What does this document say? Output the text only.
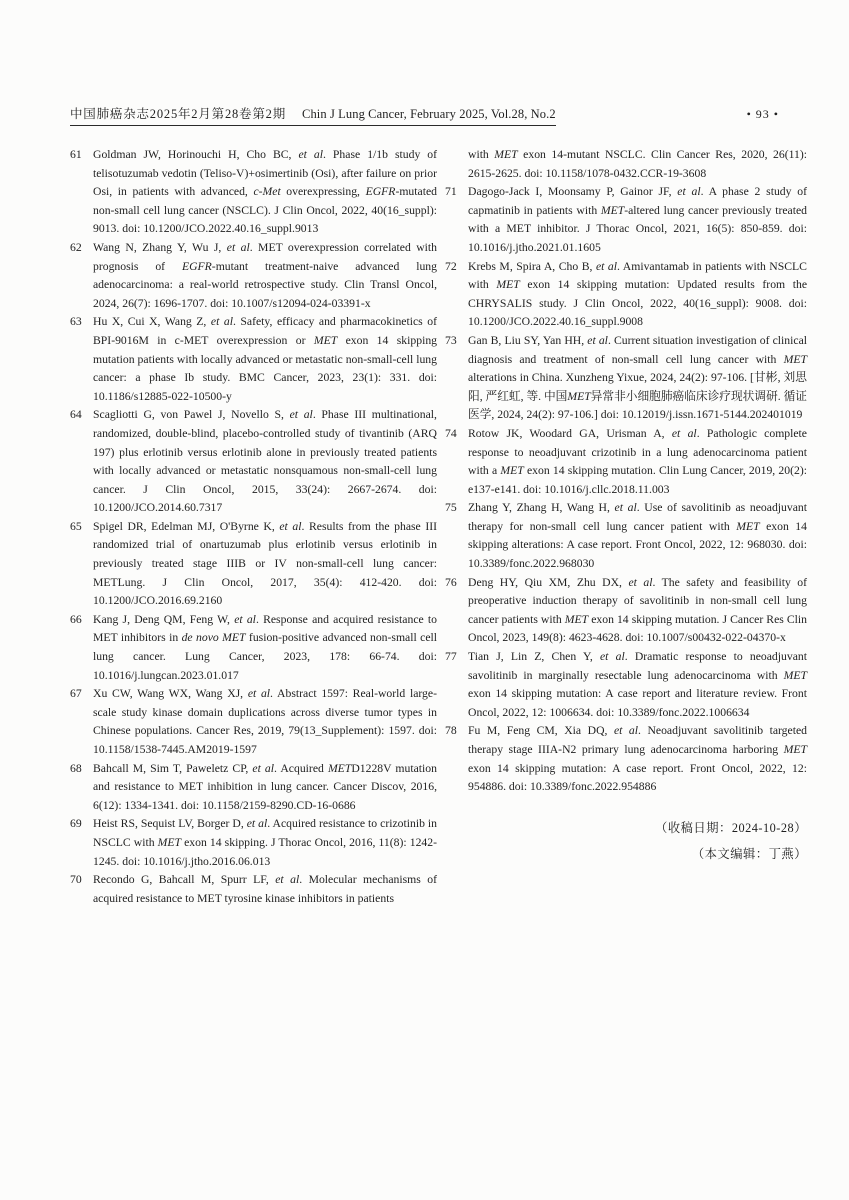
中国肺癌杂志2025年2月第28卷第2期 Chin J Lung Cancer, February 2025, Vol.28, No.2	• 93 •
61 Goldman JW, Horinouchi H, Cho BC, et al. Phase 1/1b study of telisotuzumab vedotin (Teliso-V)+osimertinib (Osi), after failure on prior Osi, in patients with advanced, c-Met overexpressing, EGFR-mutated non-small cell lung cancer (NSCLC). J Clin Oncol, 2022, 40(16_suppl): 9013. doi: 10.1200/JCO.2022.40.16_suppl.9013
62 Wang N, Zhang Y, Wu J, et al. MET overexpression correlated with prognosis of EGFR-mutant treatment-naive advanced lung adenocarcinoma: a real-world retrospective study. Clin Transl Oncol, 2024, 26(7): 1696-1707. doi: 10.1007/s12094-024-03391-x
63 Hu X, Cui X, Wang Z, et al. Safety, efficacy and pharmacokinetics of BPI-9016M in c-MET overexpression or MET exon 14 skipping mutation patients with locally advanced or metastatic non-small-cell lung cancer: a phase Ib study. BMC Cancer, 2023, 23(1): 331. doi: 10.1186/s12885-022-10500-y
64 Scagliotti G, von Pawel J, Novello S, et al. Phase III multinational, randomized, double-blind, placebo-controlled study of tivantinib (ARQ 197) plus erlotinib versus erlotinib alone in previously treated patients with locally advanced or metastatic nonsquamous non-small-cell lung cancer. J Clin Oncol, 2015, 33(24): 2667-2674. doi: 10.1200/JCO.2014.60.7317
65 Spigel DR, Edelman MJ, O'Byrne K, et al. Results from the phase III randomized trial of onartuzumab plus erlotinib versus erlotinib in previously treated stage IIIB or IV non-small-cell lung cancer: METLung. J Clin Oncol, 2017, 35(4): 412-420. doi: 10.1200/JCO.2016.69.2160
66 Kang J, Deng QM, Feng W, et al. Response and acquired resistance to MET inhibitors in de novo MET fusion-positive advanced non-small cell lung cancer. Lung Cancer, 2023, 178: 66-74. doi: 10.1016/j.lungcan.2023.01.017
67 Xu CW, Wang WX, Wang XJ, et al. Abstract 1597: Real-world large-scale study kinase domain duplications across diverse tumor types in Chinese populations. Cancer Res, 2019, 79(13_Supplement): 1597. doi: 10.1158/1538-7445.AM2019-1597
68 Bahcall M, Sim T, Paweletz CP, et al. Acquired METD1228V mutation and resistance to MET inhibition in lung cancer. Cancer Discov, 2016, 6(12): 1334-1341. doi: 10.1158/2159-8290.CD-16-0686
69 Heist RS, Sequist LV, Borger D, et al. Acquired resistance to crizotinib in NSCLC with MET exon 14 skipping. J Thorac Oncol, 2016, 11(8): 1242-1245. doi: 10.1016/j.jtho.2016.06.013
70 Recondo G, Bahcall M, Spurr LF, et al. Molecular mechanisms of acquired resistance to MET tyrosine kinase inhibitors in patients
with MET exon 14-mutant NSCLC. Clin Cancer Res, 2020, 26(11): 2615-2625. doi: 10.1158/1078-0432.CCR-19-3608
71 Dagogo-Jack I, Moonsamy P, Gainor JF, et al. A phase 2 study of capmatinib in patients with MET-altered lung cancer previously treated with a MET inhibitor. J Thorac Oncol, 2021, 16(5): 850-859. doi: 10.1016/j.jtho.2021.01.1605
72 Krebs M, Spira A, Cho B, et al. Amivantamab in patients with NSCLC with MET exon 14 skipping mutation: Updated results from the CHRYSALIS study. J Clin Oncol, 2022, 40(16_suppl): 9008. doi: 10.1200/JCO.2022.40.16_suppl.9008
73 Gan B, Liu SY, Yan HH, et al. Current situation investigation of clinical diagnosis and treatment of non-small cell lung cancer with MET alterations in China. Xunzheng Yixue, 2024, 24(2): 97-106. [甘彬, 刘思阳, 严红虹, 等. 中国MET异常非小细胞肺癌临床诊疗现状调研. 循证医学, 2024, 24(2): 97-106.] doi: 10.12019/j.issn.1671-5144.202401019
74 Rotow JK, Woodard GA, Urisman A, et al. Pathologic complete response to neoadjuvant crizotinib in a lung adenocarcinoma patient with a MET exon 14 skipping mutation. Clin Lung Cancer, 2019, 20(2): e137-e141. doi: 10.1016/j.cllc.2018.11.003
75 Zhang Y, Zhang H, Wang H, et al. Use of savolitinib as neoadjuvant therapy for non-small cell lung cancer patient with MET exon 14 skipping alterations: A case report. Front Oncol, 2022, 12: 968030. doi: 10.3389/fonc.2022.968030
76 Deng HY, Qiu XM, Zhu DX, et al. The safety and feasibility of preoperative induction therapy of savolitinib in non-small cell lung cancer patients with MET exon 14 skipping mutation. J Cancer Res Clin Oncol, 2023, 149(8): 4623-4628. doi: 10.1007/s00432-022-04370-x
77 Tian J, Lin Z, Chen Y, et al. Dramatic response to neoadjuvant savolitinib in marginally resectable lung adenocarcinoma with MET exon 14 skipping mutation: A case report and literature review. Front Oncol, 2022, 12: 1006634. doi: 10.3389/fonc.2022.1006634
78 Fu M, Feng CM, Xia DQ, et al. Neoadjuvant savolitinib targeted therapy stage IIIA-N2 primary lung adenocarcinoma harboring MET exon 14 skipping mutation: A case report. Front Oncol, 2022, 12: 954886. doi: 10.3389/fonc.2022.954886
（收稿日期：2024-10-28）
（本文编辑：丁燕）
